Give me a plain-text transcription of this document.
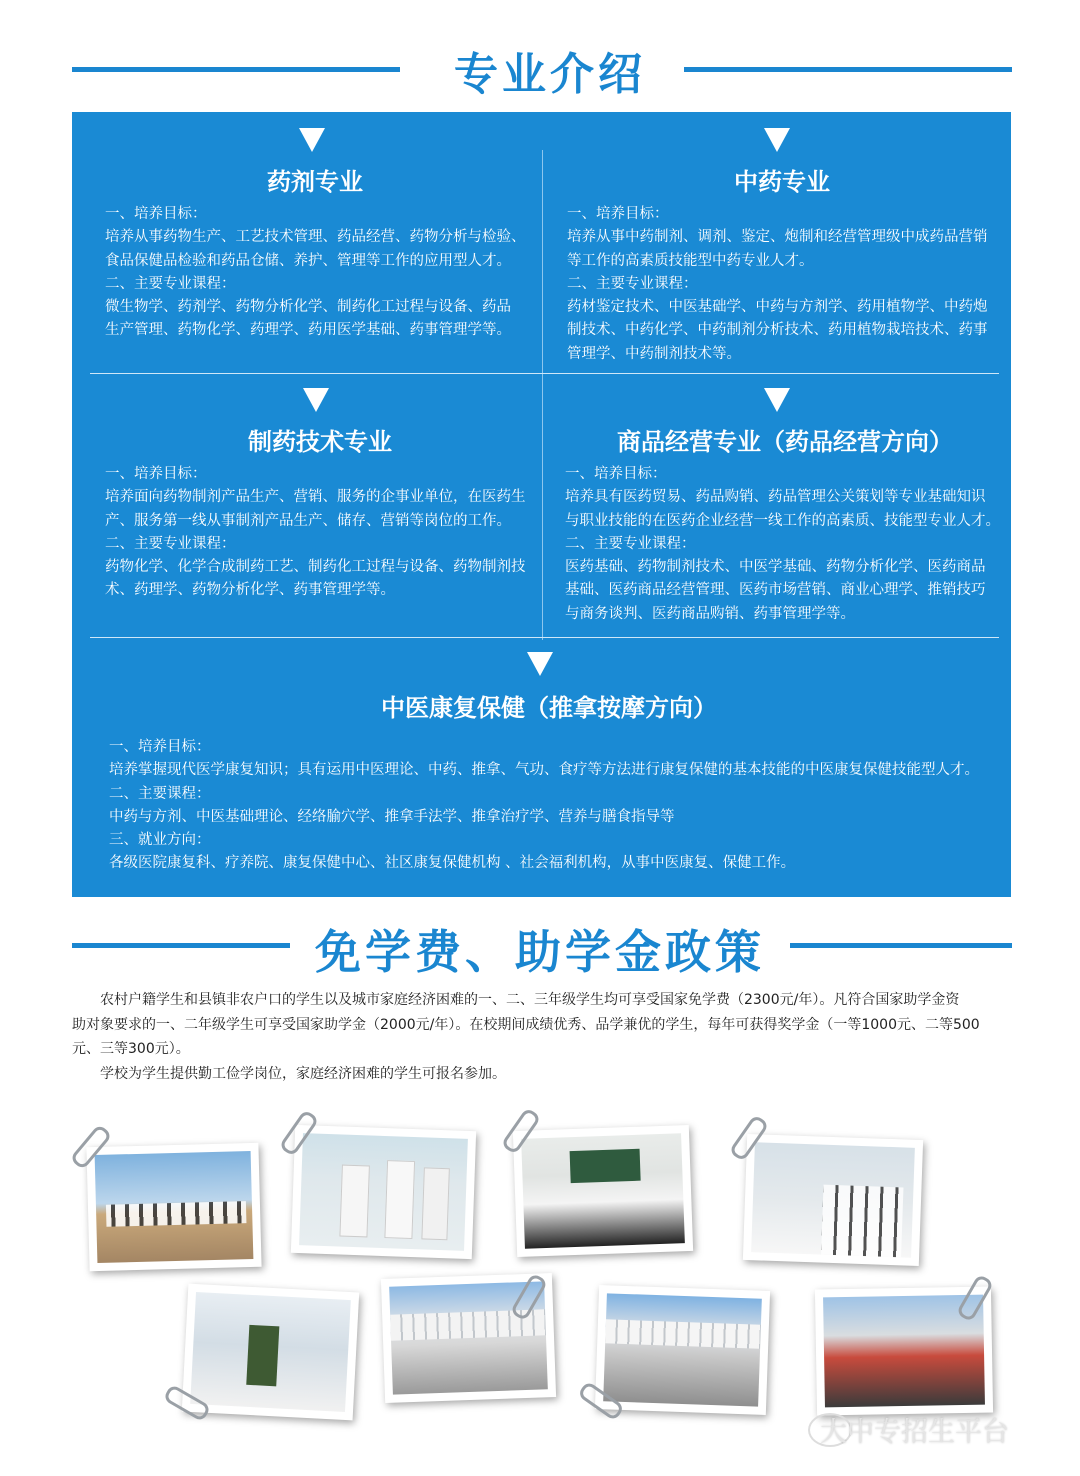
专业介绍
药剂专业
一、培养目标：
培养从事药物生产、工艺技术管理、药品经营、药物分析与检验、
食品保健品检验和药品仓储、养护、管理等工作的应用型人才。
二、主要专业课程：
微生物学、药剂学、药物分析化学、制药化工过程与设备、药品
生产管理、药物化学、药理学、药用医学基础、药事管理学等。
中药专业
一、培养目标：
培养从事中药制剂、调剂、鉴定、炮制和经营管理级中成药品营销
等工作的高素质技能型中药专业人才。
二、主要专业课程：
药材鉴定技术、中医基础学、中药与方剂学、药用植物学、中药炮
制技术、中药化学、中药制剂分析技术、药用植物栽培技术、药事
管理学、中药制剂技术等。
制药技术专业
一、培养目标：
培养面向药物制剂产品生产、营销、服务的企事业单位，在医药生
产、服务第一线从事制剂产品生产、储存、营销等岗位的工作。
二、主要专业课程：
药物化学、化学合成制药工艺、制药化工过程与设备、药物制剂技
术、药理学、药物分析化学、药事管理学等。
商品经营专业（药品经营方向）
一、培养目标：
培养具有医药贸易、药品购销、药品管理公关策划等专业基础知识
与职业技能的在医药企业经营一线工作的高素质、技能型专业人才。
二、主要专业课程：
医药基础、药物制剂技术、中医学基础、药物分析化学、医药商品
基础、医药商品经营管理、医药市场营销、商业心理学、推销技巧
与商务谈判、医药商品购销、药事管理学等。
中医康复保健（推拿按摩方向）
一、培养目标：
培养掌握现代医学康复知识；具有运用中医理论、中药、推拿、气功、食疗等方法进行康复保健的基本技能的中医康复保健技能型人才。
二、主要课程：
中药与方剂、中医基础理论、经络腧穴学、推拿手法学、推拿治疗学、营养与膳食指导等
三、就业方向：
各级医院康复科、疗养院、康复保健中心、社区康复保健机构 、社会福利机构，从事中医康复、保健工作。
免学费、助学金政策

农村户籍学生和县镇非农户口的学生以及城市家庭经济困难的一、二、三年级学生均可享受国家免学费（2300元/年）。凡符合国家助学金资

助对象要求的一、二年级学生可享受国家助学金（2000元/年）。在校期间成绩优秀、品学兼优的学生，每年可获得奖学金（一等1000元、二等500

元、三等300元）。

学校为学生提供勤工俭学岗位，家庭经济困难的学生可报名参加。

大中专招生平台
